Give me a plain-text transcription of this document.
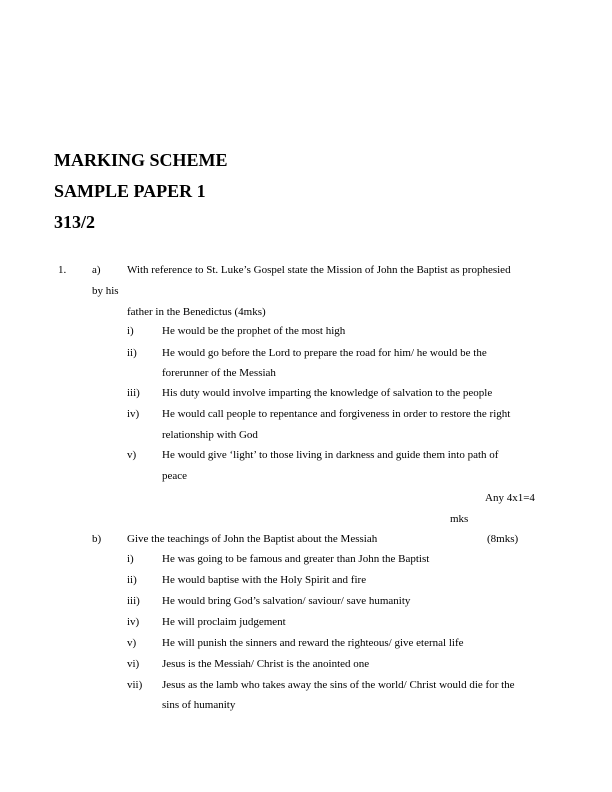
MARKING SCHEME
SAMPLE PAPER 1
313/2
1. a) With reference to St. Luke’s Gospel state the Mission of John the Baptist as prophesied
by his
father in the Benedictus (4mks)
i)	He would be the prophet of the most high
ii) He would go before the Lord to prepare the road for him/ he would be the
forerunner of the Messiah
iii) His duty would involve imparting the knowledge of salvation to the people
iv) He would call people to repentance and forgiveness in order to restore the right
relationship with God
v) He would give ‘light’ to those living in darkness and guide them into path of
peace
Any 4x1=4
mks
b) Give the teachings of John the Baptist about the Messiah	(8mks)
i)	He was going to be famous and greater than John the Baptist
ii) He would baptise with the Holy Spirit and fire
iii) He would bring God’s salvation/ saviour/ save humanity
iv) He will proclaim judgement
v) He will punish the sinners and reward the righteous/ give eternal life
vi) Jesus is the Messiah/ Christ is the anointed one
vii) Jesus as the lamb who takes away the sins of the world/ Christ would die for the
sins of humanity
